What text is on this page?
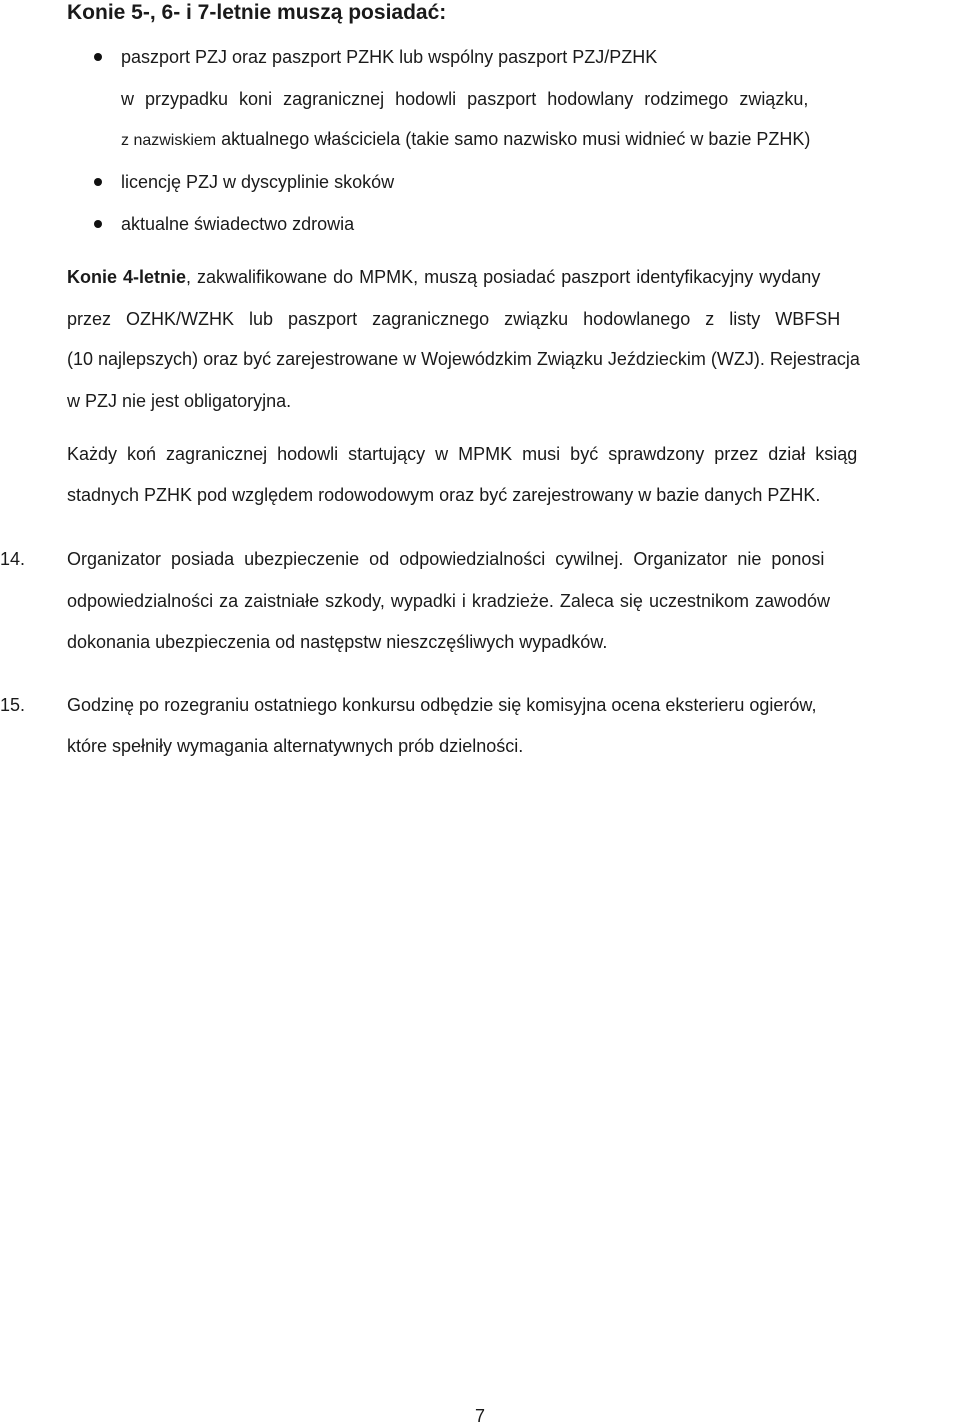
Konie 5-, 6- i 7-letnie muszą posiadać:
paszport PZJ oraz paszport PZHK lub wspólny paszport PZJ/PZHK
w przypadku koni zagranicznej hodowli paszport hodowlany rodzimego związku,
z nazwiskiem aktualnego właściciela (takie samo nazwisko musi widnieć w bazie PZHK)
licencję PZJ w dyscyplinie skoków
aktualne świadectwo zdrowia
Konie 4-letnie, zakwalifikowane do MPMK, muszą posiadać paszport identyfikacyjny wydany
przez OZHK/WZHK lub paszport zagranicznego związku hodowlanego z listy WBFSH
(10 najlepszych) oraz być zarejestrowane w Wojewódzkim Związku Jeździeckim (WZJ). Rejestracja
w PZJ nie jest obligatoryjna.
Każdy koń zagranicznej hodowli startujący w MPMK musi być sprawdzony przez dział ksiąg
stadnych PZHK pod względem rodowodowym oraz być zarejestrowany w bazie danych PZHK.
14. Organizator posiada ubezpieczenie od odpowiedzialności cywilnej. Organizator nie ponosi
odpowiedzialności za zaistniałe szkody, wypadki i kradzieże. Zaleca się uczestnikom zawodów
dokonania ubezpieczenia od następstw nieszczęśliwych wypadków.
15. Godzinę po rozegraniu ostatniego konkursu odbędzie się komisyjna ocena eksterieru ogierów,
które spełniły wymagania alternatywnych prób dzielności.
7
